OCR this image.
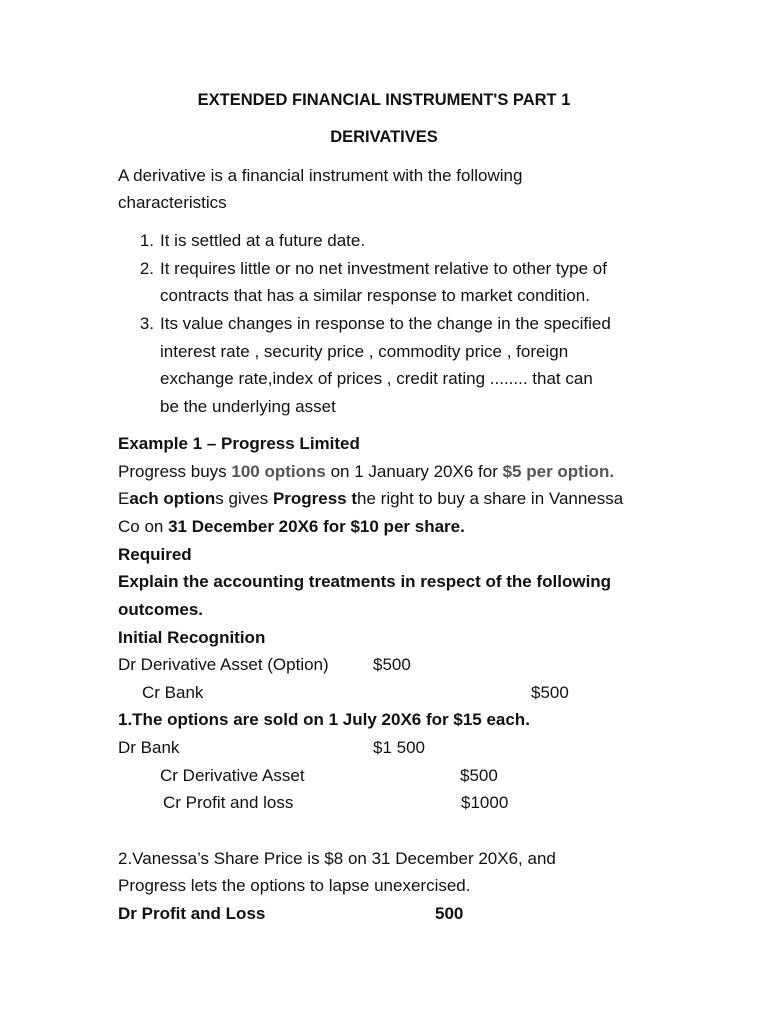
EXTENDED FINANCIAL INSTRUMENT'S PART 1
DERIVATIVES
A derivative is a financial instrument with the following
characteristics
1. It is settled at a future date.
2. It requires little or no net investment relative to other type of
contracts that has a similar response to market condition.
3. Its value changes in response to the change in the specified
interest rate , security price , commodity price , foreign
exchange rate,index of prices , credit rating ........ that can
be the underlying asset
Example 1 – Progress Limited
Progress buys 100 options on 1 January 20X6 for $5 per option.
Each options gives Progress the right to buy a share in Vannessa
Co on 31 December 20X6 for $10 per share.
Required
Explain the accounting treatments in respect of the following
outcomes.
Initial Recognition
Dr Derivative Asset (Option)	$500
Cr Bank	$500
1.The options are sold on 1 July 20X6 for $15 each.
Dr Bank	$1 500
Cr Derivative Asset	$500
Cr Profit and loss	$1000
2.Vanessa’s Share Price is $8 on 31 December 20X6, and
Progress lets the options to lapse unexercised.
Dr Profit and Loss	500
